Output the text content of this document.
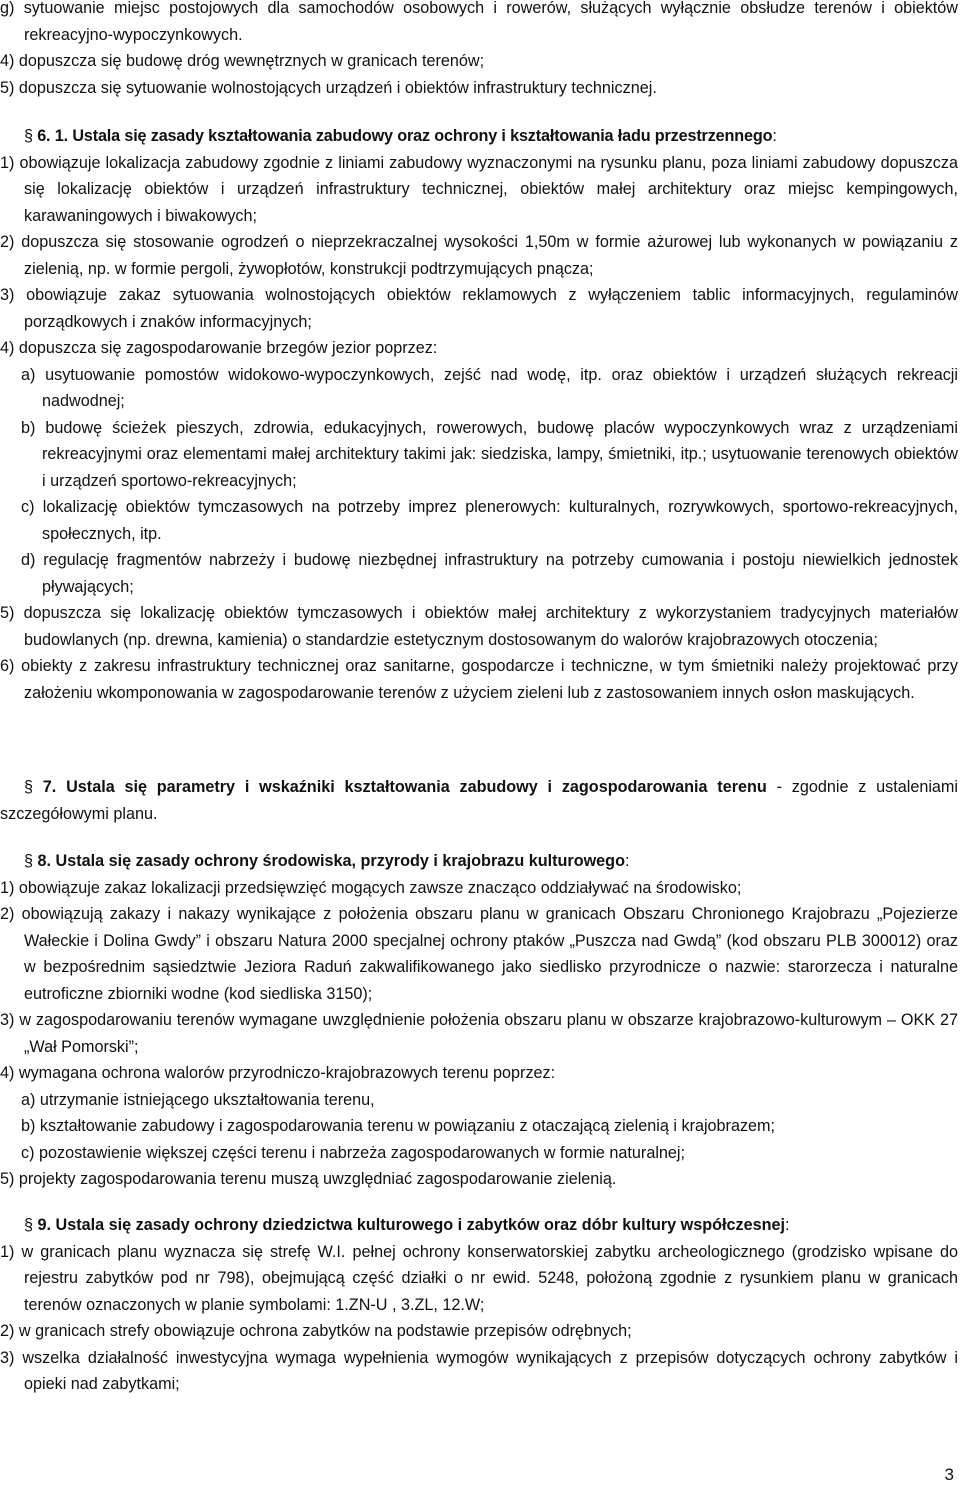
g) sytuowanie miejsc postojowych dla samochodów osobowych i rowerów, służących wyłącznie obsłudze terenów i obiektów rekreacyjno-wypoczynkowych.

4) dopuszcza się budowę dróg wewnętrznych w granicach terenów;

5) dopuszcza się sytuowanie wolnostojących urządzeń i obiektów infrastruktury technicznej.

§ 6. 1. Ustala się zasady kształtowania zabudowy oraz ochrony i kształtowania ładu przestrzennego:

1) obowiązuje lokalizacja zabudowy zgodnie z liniami zabudowy wyznaczonymi na rysunku planu, poza liniami zabudowy dopuszcza się lokalizację obiektów i urządzeń infrastruktury technicznej, obiektów małej architektury oraz miejsc kempingowych, karawaningowych i biwakowych;

2) dopuszcza się stosowanie ogrodzeń o nieprzekraczalnej wysokości 1,50m w formie ażurowej lub wykonanych w powiązaniu z zielenią, np. w formie pergoli, żywopłotów, konstrukcji podtrzymujących pnącza;

3) obowiązuje zakaz sytuowania wolnostojących obiektów reklamowych z wyłączeniem tablic informacyjnych, regulaminów porządkowych i znaków informacyjnych;

4) dopuszcza się zagospodarowanie brzegów jezior poprzez:

a) usytuowanie pomostów widokowo-wypoczynkowych, zejść nad wodę, itp. oraz obiektów i urządzeń służących rekreacji nadwodnej;

b) budowę ścieżek pieszych, zdrowia, edukacyjnych, rowerowych, budowę placów wypoczynkowych wraz z urządzeniami rekreacyjnymi oraz elementami małej architektury takimi jak: siedziska, lampy, śmietniki, itp.; usytuowanie terenowych obiektów i urządzeń sportowo-rekreacyjnych;

c) lokalizację obiektów tymczasowych na potrzeby imprez plenerowych: kulturalnych, rozrywkowych, sportowo-rekreacyjnych, społecznych, itp.

d) regulację fragmentów nabrzeży i budowę niezbędnej infrastruktury na potrzeby cumowania i postoju niewielkich jednostek pływających;

5) dopuszcza się lokalizację obiektów tymczasowych i obiektów małej architektury z wykorzystaniem tradycyjnych materiałów budowlanych (np. drewna, kamienia) o standardzie estetycznym dostosowanym do walorów krajobrazowych otoczenia;

6) obiekty z zakresu infrastruktury technicznej oraz sanitarne, gospodarcze i techniczne, w tym śmietniki należy projektować przy założeniu wkomponowania w zagospodarowanie terenów z użyciem zieleni lub z zastosowaniem innych osłon maskujących.

§ 7. Ustala się parametry i wskaźniki kształtowania zabudowy i zagospodarowania terenu - zgodnie z ustaleniami szczegółowymi planu.

§ 8. Ustala się zasady ochrony środowiska, przyrody i krajobrazu kulturowego:

1) obowiązuje zakaz lokalizacji przedsięwzięć mogących zawsze znacząco oddziaływać na środowisko;

2) obowiązują zakazy i nakazy wynikające z położenia obszaru planu w granicach Obszaru Chronionego Krajobrazu „Pojezierze Wałeckie i Dolina Gwdy” i obszaru Natura 2000 specjalnej ochrony ptaków „Puszcza nad Gwdą” (kod obszaru PLB 300012) oraz w bezpośrednim sąsiedztwie Jeziora Raduń zakwalifikowanego jako siedlisko przyrodnicze o nazwie: starorzecza i naturalne eutroficzne zbiorniki wodne (kod siedliska 3150);

3) w zagospodarowaniu terenów wymagane uwzględnienie położenia obszaru planu w obszarze krajobrazowo-kulturowym – OKK 27 „Wał Pomorski”;

4) wymagana ochrona walorów przyrodniczo-krajobrazowych terenu poprzez:

a) utrzymanie istniejącego ukształtowania terenu,

b) kształtowanie zabudowy i zagospodarowania terenu w powiązaniu z otaczającą zielenią i krajobrazem;

c) pozostawienie większej części terenu i nabrzeża zagospodarowanych w formie naturalnej;

5) projekty zagospodarowania terenu muszą uwzględniać zagospodarowanie zielenią.

§ 9. Ustala się zasady ochrony dziedzictwa kulturowego i zabytków oraz dóbr kultury współczesnej:

1) w granicach planu wyznacza się strefę W.I. pełnej ochrony konserwatorskiej zabytku archeologicznego (grodzisko wpisane do rejestru zabytków pod nr 798), obejmującą część działki o nr ewid. 5248, położoną zgodnie z rysunkiem planu w granicach terenów oznaczonych w planie symbolami: 1.ZN-U , 3.ZL, 12.W;

2) w granicach strefy obowiązuje ochrona zabytków na podstawie przepisów odrębnych;

3) wszelka działalność inwestycyjna wymaga wypełnienia wymogów wynikających z przepisów dotyczących ochrony zabytków i opieki nad zabytkami;

3
